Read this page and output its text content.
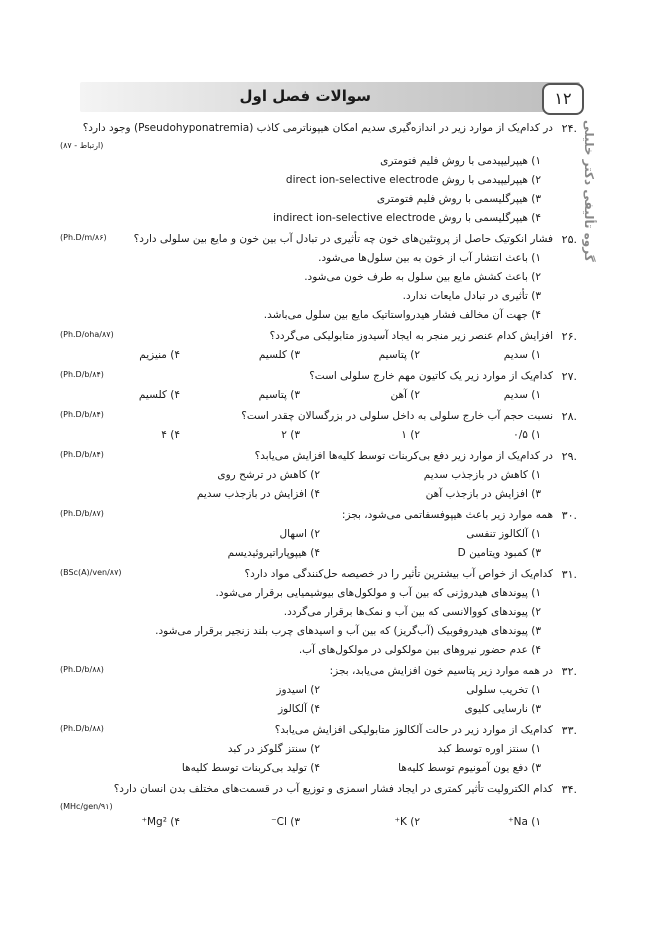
سوالات فصل اول	۱۲
گروه تألیفی دکتر خلیلی
۲۴.
در کدام‌یک از موارد زیر در اندازه‌گیری سدیم امکان هیپوناترمی کاذب (Pseudohyponatremia) وجود دارد؟
(۸۷ - ارتباط)
۱) هیپرلیپیدمی با روش فلیم فتومتری
۲) هیپرلیپیدمی با روش direct ion-selective electrode
۳) هیپرگلیسمی با روش فلیم فتومتری
۴) هیپرگلیسمی با روش indirect ion-selective electrode
۲۵.
فشار انکوتیک حاصل از پروتئین‌های خون چه تأثیری در تبادل آب بین خون و مایع بین سلولی دارد؟
(Ph.D/m/۸۶)
۱) باعث انتشار آب از خون به بین سلول‌ها می‌شود.
۲) باعث کشش مایع بین سلول به طرف خون می‌شود.
۳) تأثیری در تبادل مایعات ندارد.
۴) جهت آن مخالف فشار هیدرواستاتیک مایع بین سلول می‌باشد.
۲۶.
افزایش کدام عنصر زیر منجر به ایجاد آسیدوز متابولیکی می‌گردد؟
(Ph.D/oha/۸۷)
۱) سدیم
۲) پتاسیم
۳) کلسیم
۴) منیزیم
۲۷.
کدام‌یک از موارد زیر یک کاتیون مهم خارج سلولی است؟
(Ph.D/b/۸۴)
۱) سدیم
۲) آهن
۳) پتاسیم
۴) کلسیم
۲۸.
نسبت حجم آب خارج سلولی به داخل سلولی در بزرگسالان چقدر است؟
(Ph.D/b/۸۴)
۱) ۰/۵
۲) ۱
۳) ۲
۴) ۴
۲۹.
در کدام‌یک از موارد زیر دفع بی‌کربنات توسط کلیه‌ها افزایش می‌یابد؟
(Ph.D/b/۸۴)
۱) کاهش در بازجذب سدیم
۲) کاهش در ترشح روی
۳) افزایش در بازجذب آهن
۴) افزایش در بازجذب سدیم
۳۰.
همه موارد زیر باعث هیپوفسفاتمی می‌شود، بجز:
(Ph.D/b/۸۷)
۱) آلکالوز تنفسی
۲) اسهال
۳) کمبود ویتامین D
۴) هیپوپاراتیروئیدیسم
۳۱.
کدام‌یک از خواص آب بیشترین تأثیر را در خصیصه حل‌کنندگی مواد دارد؟
(BSc(A)/ven/۸۷)
۱) پیوندهای هیدروژنی که بین آب و مولکول‌های بیوشیمیایی برقرار می‌شود.
۲) پیوندهای کووالانسی که بین آب و نمک‌ها برقرار می‌گردد.
۳) پیوندهای هیدروفوبیک (آب‌گریز) که بین آب و اسیدهای چرب بلند زنجیر برقرار می‌شود.
۴) عدم حضور نیروهای بین مولکولی در مولکول‌های آب.
۳۲.
در همه موارد زیر پتاسیم خون افزایش می‌یابد، بجز:
(Ph.D/b/۸۸)
۱) تخریب سلولی
۲) اسیدوز
۳) نارسایی کلیوی
۴) آلکالوز
۳۳.
کدام‌یک از موارد زیر در حالت آلکالوز متابولیکی افزایش می‌یابد؟
(Ph.D/b/۸۸)
۱) سنتز اوره توسط کبد
۲) سنتز گلوکز در کبد
۳) دفع یون آمونیوم توسط کلیه‌ها
۴) تولید بی‌کربنات توسط کلیه‌ها
۳۴.
کدام الکترولیت تأثیر کمتری در ایجاد فشار اسمزی و توزیع آب در قسمت‌های مختلف بدن انسان دارد؟
(MHc/gen/۹۱)
۱) Na⁺
۲) K⁺
۳) Cl⁻
۴) Mg²⁺
